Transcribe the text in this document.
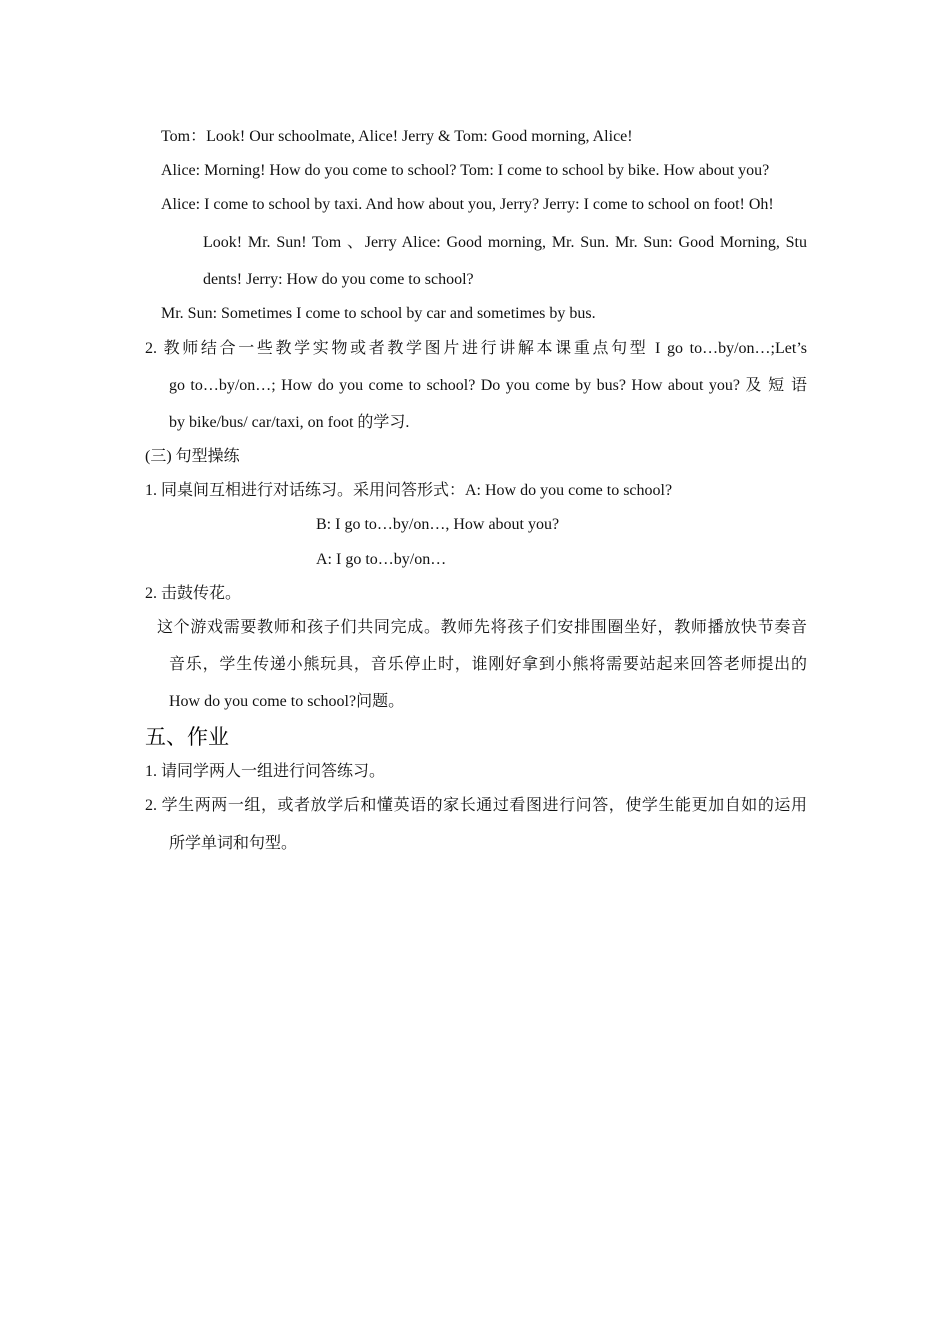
Tom：Look! Our schoolmate, Alice! Jerry & Tom: Good morning, Alice!
Alice: Morning! How do you come to school? Tom: I come to school by bike. How about you?
Alice: I come to school by taxi. And how about you, Jerry? Jerry: I come to school on foot! Oh!
Look! Mr. Sun! Tom 、Jerry Alice: Good morning, Mr. Sun. Mr. Sun: Good Morning, Stu
dents! Jerry: How do you come to school?
Mr. Sun: Sometimes I come to school by car and sometimes by bus.
2. 教师结合一些教学实物或者教学图片进行讲解本课重点句型 I go to…by/on…;Let’s
go to…by/on…; How do you come to school? Do you come by bus? How about you? 及 短 语
by bike/bus/ car/taxi, on foot 的学习.
(三) 句型操练
1. 同桌间互相进行对话练习。采用问答形式：A: How do you come to school?
B: I go to…by/on…, How about you?
A: I go to…by/on…
2. 击鼓传花。
这个游戏需要教师和孩子们共同完成。教师先将孩子们安排围圈坐好，教师播放快节奏音
音乐，学生传递小熊玩具，音乐停止时，谁刚好拿到小熊将需要站起来回答老师提出的
How do you come to school?问题。
五、作业
1. 请同学两人一组进行问答练习。
2. 学生两两一组，或者放学后和懂英语的家长通过看图进行问答，使学生能更加自如的运用
所学单词和句型。
